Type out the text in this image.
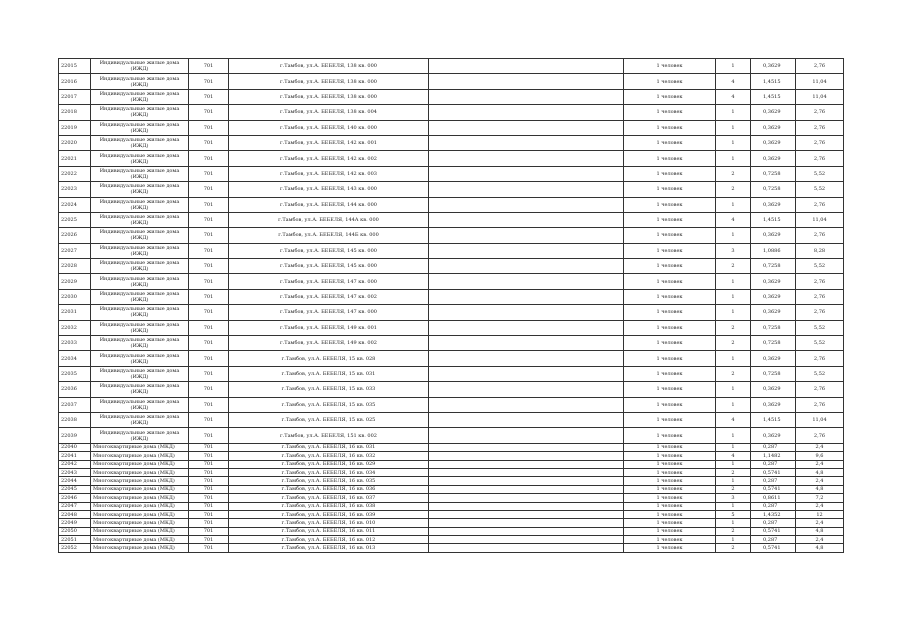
22015	Индивидуальные жилые дома (ИЖД)	701	г.Тамбов, ул.А. БЕБЕЛЯ, 138 кв. 000		1 человек	1	0,3629	2,76
22016	Индивидуальные жилые дома (ИЖД)	701	г.Тамбов, ул.А. БЕБЕЛЯ, 138 кв. 000		1 человек	4	1,4515	11,04
22017	Индивидуальные жилые дома (ИЖД)	701	г.Тамбов, ул.А. БЕБЕЛЯ, 138 кв. 000		1 человек	4	1,4515	11,04
22018	Индивидуальные жилые дома (ИЖД)	701	г.Тамбов, ул.А. БЕБЕЛЯ, 138 кв. 004		1 человек	1	0,3629	2,76
22019	Индивидуальные жилые дома (ИЖД)	701	г.Тамбов, ул.А. БЕБЕЛЯ, 140 кв. 000		1 человек	1	0,3629	2,76
22020	Индивидуальные жилые дома (ИЖД)	701	г.Тамбов, ул.А. БЕБЕЛЯ, 142 кв. 001		1 человек	1	0,3629	2,76
22021	Индивидуальные жилые дома (ИЖД)	701	г.Тамбов, ул.А. БЕБЕЛЯ, 142 кв. 002		1 человек	1	0,3629	2,76
22022	Индивидуальные жилые дома (ИЖД)	701	г.Тамбов, ул.А. БЕБЕЛЯ, 142 кв. 003		1 человек	2	0,7258	5,52
22023	Индивидуальные жилые дома (ИЖД)	701	г.Тамбов, ул.А. БЕБЕЛЯ, 143 кв. 000		1 человек	2	0,7258	5,52
22024	Индивидуальные жилые дома (ИЖД)	701	г.Тамбов, ул.А. БЕБЕЛЯ, 144 кв. 000		1 человек	1	0,3629	2,76
22025	Индивидуальные жилые дома (ИЖД)	701	г.Тамбов, ул.А. БЕБЕЛЯ, 144А кв. 000		1 человек	4	1,4515	11,04
22026	Индивидуальные жилые дома (ИЖД)	701	г.Тамбов, ул.А. БЕБЕЛЯ, 144Б кв. 000		1 человек	1	0,3629	2,76
22027	Индивидуальные жилые дома (ИЖД)	701	г.Тамбов, ул.А. БЕБЕЛЯ, 145 кв. 000		1 человек	3	1,0886	8,28
22028	Индивидуальные жилые дома (ИЖД)	701	г.Тамбов, ул.А. БЕБЕЛЯ, 145 кв. 000		1 человек	2	0,7258	5,52
22029	Индивидуальные жилые дома (ИЖД)	701	г.Тамбов, ул.А. БЕБЕЛЯ, 147 кв. 000		1 человек	1	0,3629	2,76
22030	Индивидуальные жилые дома (ИЖД)	701	г.Тамбов, ул.А. БЕБЕЛЯ, 147 кв. 002		1 человек	1	0,3629	2,76
22031	Индивидуальные жилые дома (ИЖД)	701	г.Тамбов, ул.А. БЕБЕЛЯ, 147 кв. 000		1 человек	1	0,3629	2,76
22032	Индивидуальные жилые дома (ИЖД)	701	г.Тамбов, ул.А. БЕБЕЛЯ, 149 кв. 001		1 человек	2	0,7258	5,52
22033	Индивидуальные жилые дома (ИЖД)	701	г.Тамбов, ул.А. БЕБЕЛЯ, 149 кв. 002		1 человек	2	0,7258	5,52
22034	Индивидуальные жилые дома (ИЖД)	701	г.Тамбов, ул.А. БЕБЕЛЯ, 15 кв. 028		1 человек	1	0,3629	2,76
22035	Индивидуальные жилые дома (ИЖД)	701	г.Тамбов, ул.А. БЕБЕЛЯ, 15 кв. 031		1 человек	2	0,7258	5,52
22036	Индивидуальные жилые дома (ИЖД)	701	г.Тамбов, ул.А. БЕБЕЛЯ, 15 кв. 033		1 человек	1	0,3629	2,76
22037	Индивидуальные жилые дома (ИЖД)	701	г.Тамбов, ул.А. БЕБЕЛЯ, 15 кв. 035		1 человек	1	0,3629	2,76
22038	Индивидуальные жилые дома (ИЖД)	701	г.Тамбов, ул.А. БЕБЕЛЯ, 15 кв. 025		1 человек	4	1,4515	11,04
22039	Индивидуальные жилые дома (ИЖД)	701	г.Тамбов, ул.А. БЕБЕЛЯ, 151 кв. 002		1 человек	1	0,3629	2,76
22040	Многоквартирные дома (МКД)	701	г.Тамбов, ул.А. БЕБЕЛЯ, 16 кв. 031		1 человек	1	0,287	2,4
22041	Многоквартирные дома (МКД)	701	г.Тамбов, ул.А. БЕБЕЛЯ, 16 кв. 032		1 человек	4	1,1482	9,6
22042	Многоквартирные дома (МКД)	701	г.Тамбов, ул.А. БЕБЕЛЯ, 16 кв. 029		1 человек	1	0,287	2,4
22043	Многоквартирные дома (МКД)	701	г.Тамбов, ул.А. БЕБЕЛЯ, 16 кв. 034		1 человек	2	0,5741	4,8
22044	Многоквартирные дома (МКД)	701	г.Тамбов, ул.А. БЕБЕЛЯ, 16 кв. 035		1 человек	1	0,287	2,4
22045	Многоквартирные дома (МКД)	701	г.Тамбов, ул.А. БЕБЕЛЯ, 16 кв. 036		1 человек	2	0,5741	4,8
22046	Многоквартирные дома (МКД)	701	г.Тамбов, ул.А. БЕБЕЛЯ, 16 кв. 037		1 человек	3	0,8611	7,2
22047	Многоквартирные дома (МКД)	701	г.Тамбов, ул.А. БЕБЕЛЯ, 16 кв. 038		1 человек	1	0,287	2,4
22048	Многоквартирные дома (МКД)	701	г.Тамбов, ул.А. БЕБЕЛЯ, 16 кв. 039		1 человек	5	1,4352	12
22049	Многоквартирные дома (МКД)	701	г.Тамбов, ул.А. БЕБЕЛЯ, 16 кв. 010		1 человек	1	0,287	2,4
22050	Многоквартирные дома (МКД)	701	г.Тамбов, ул.А. БЕБЕЛЯ, 16 кв. 011		1 человек	2	0,5741	4,8
22051	Многоквартирные дома (МКД)	701	г.Тамбов, ул.А. БЕБЕЛЯ, 16 кв. 012		1 человек	1	0,287	2,4
22052	Многоквартирные дома (МКД)	701	г.Тамбов, ул.А. БЕБЕЛЯ, 16 кв. 013		1 человек	2	0,5741	4,8
